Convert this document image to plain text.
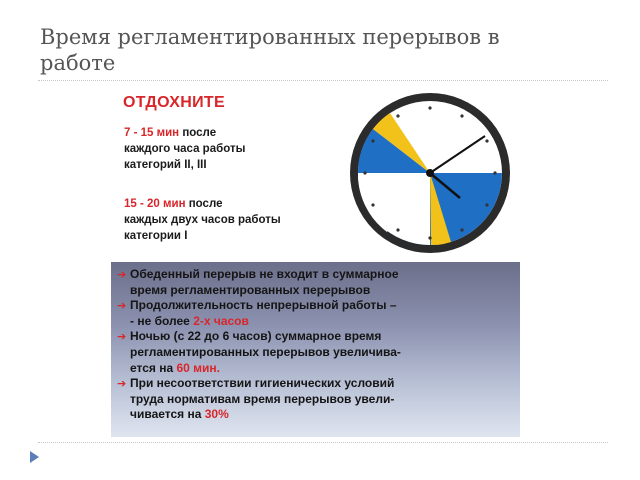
Время регламентированных перерывов в работе
ОТДОХНИТЕ
7 - 15 мин после
каждого часа работы
категорий II, III
15 - 20 мин после
каждых двух часов работы
категории I
➔ Обеденный перерыв не входит в суммарное
время регламентированных перерывов
➔ Продолжительность непрерывной работы –
- не более 2-х часов
➔ Ночью (с 22 до 6 часов) суммарное время
регламентированных перерывов увеличива-
ется на 60 мин.
➔ При несоответствии гигиенических условий
труда нормативам время перерывов увели-
чивается на 30%
